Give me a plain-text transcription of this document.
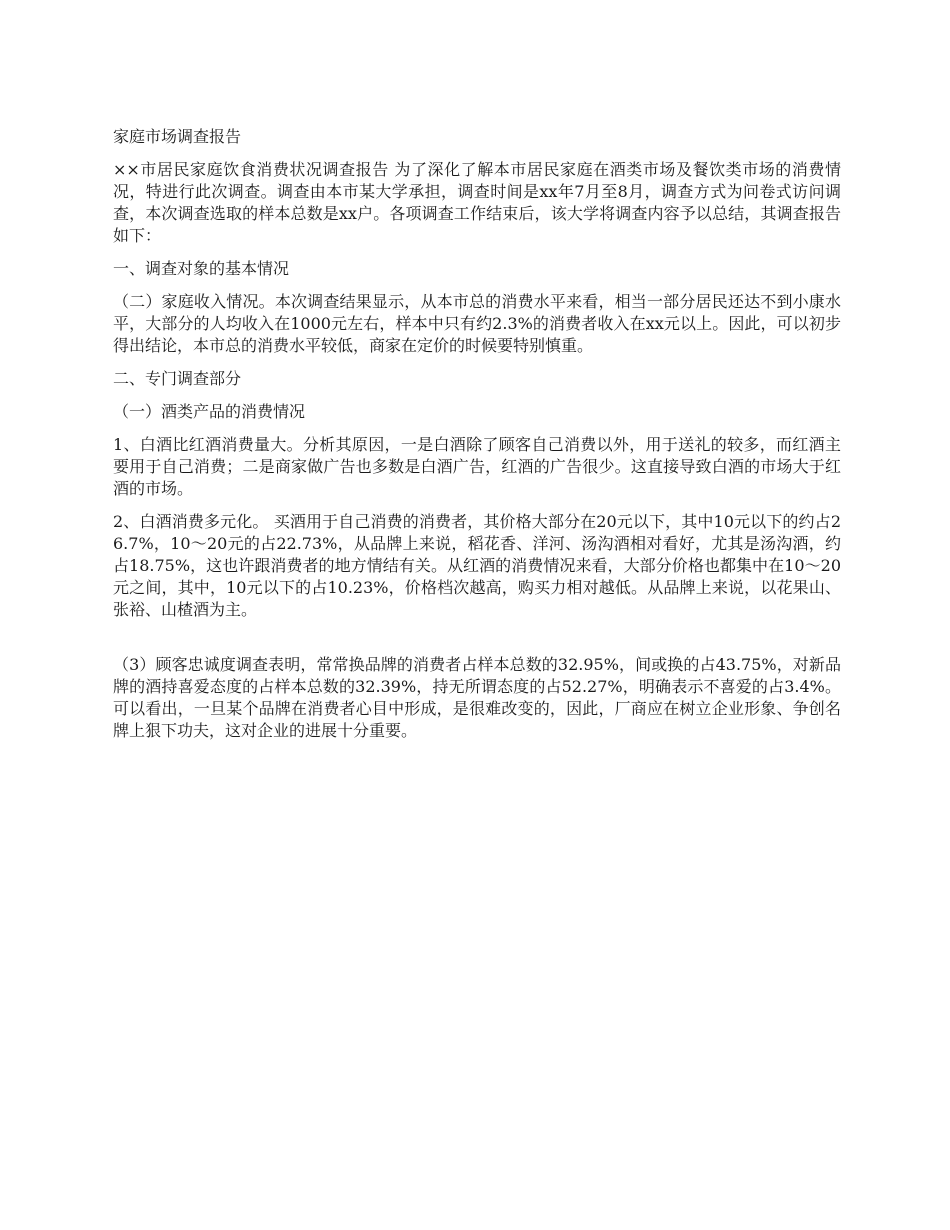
家庭市场调查报告

××市居民家庭饮食消费状况调查报告 为了深化了解本市居民家庭在酒类市场及餐饮类市场的消费情况，特进行此次调查。调查由本市某大学承担，调查时间是xx年7月至8月，调查方式为问卷式访问调查，本次调查选取的样本总数是xx户。各项调查工作结束后，该大学将调查内容予以总结，其调查报告如下：

一、调查对象的基本情况

（二）家庭收入情况。本次调查结果显示，从本市总的消费水平来看，相当一部分居民还达不到小康水平，大部分的人均收入在1000元左右，样本中只有约2.3%的消费者收入在xx元以上。因此，可以初步得出结论，本市总的消费水平较低，商家在定价的时候要特别慎重。

二、专门调查部分

（一）酒类产品的消费情况

1、白酒比红酒消费量大。分析其原因，一是白酒除了顾客自己消费以外，用于送礼的较多，而红酒主要用于自己消费；二是商家做广告也多数是白酒广告，红酒的广告很少。这直接导致白酒的市场大于红酒的市场。

2、白酒消费多元化。 买酒用于自己消费的消费者，其价格大部分在20元以下，其中10元以下的约占26.7%，10～20元的占22.73%，从品牌上来说，稻花香、洋河、汤沟酒相对看好，尤其是汤沟酒，约占18.75%，这也许跟消费者的地方情结有关。从红酒的消费情况来看，大部分价格也都集中在10～20元之间，其中，10元以下的占10.23%，价格档次越高，购买力相对越低。从品牌上来说，以花果山、张裕、山楂酒为主。

（3）顾客忠诚度调查表明，常常换品牌的消费者占样本总数的32.95%，间或换的占43.75%，对新品牌的酒持喜爱态度的占样本总数的32.39%，持无所谓态度的占52.27%，明确表示不喜爱的占3.4%。可以看出，一旦某个品牌在消费者心目中形成，是很难改变的，因此，厂商应在树立企业形象、争创名牌上狠下功夫，这对企业的进展十分重要。
